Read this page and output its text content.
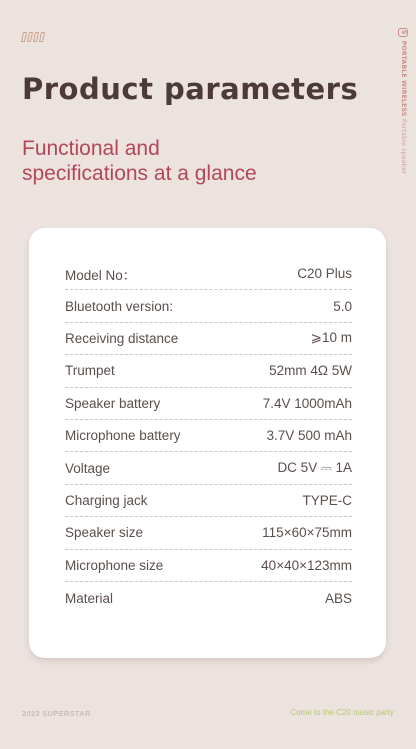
S PORTABLE WIRELESS Portable speaker
Product parameters
Functional and
specifications at a glance
Model No：	C20 Plus
Bluetooth version:	5.0
Receiving distance	⩾10 m
Trumpet	52mm 4Ω 5W
Speaker battery	7.4V 1000mAh
Microphone battery	3.7V 500 mAh
Voltage	DC 5V ⎓ 1A
Charging jack	TYPE-C
Speaker size	115×60×75mm
Microphone size	40×40×123mm
Material	ABS
2023 SUPERSTAR	Come to the C20 music party
